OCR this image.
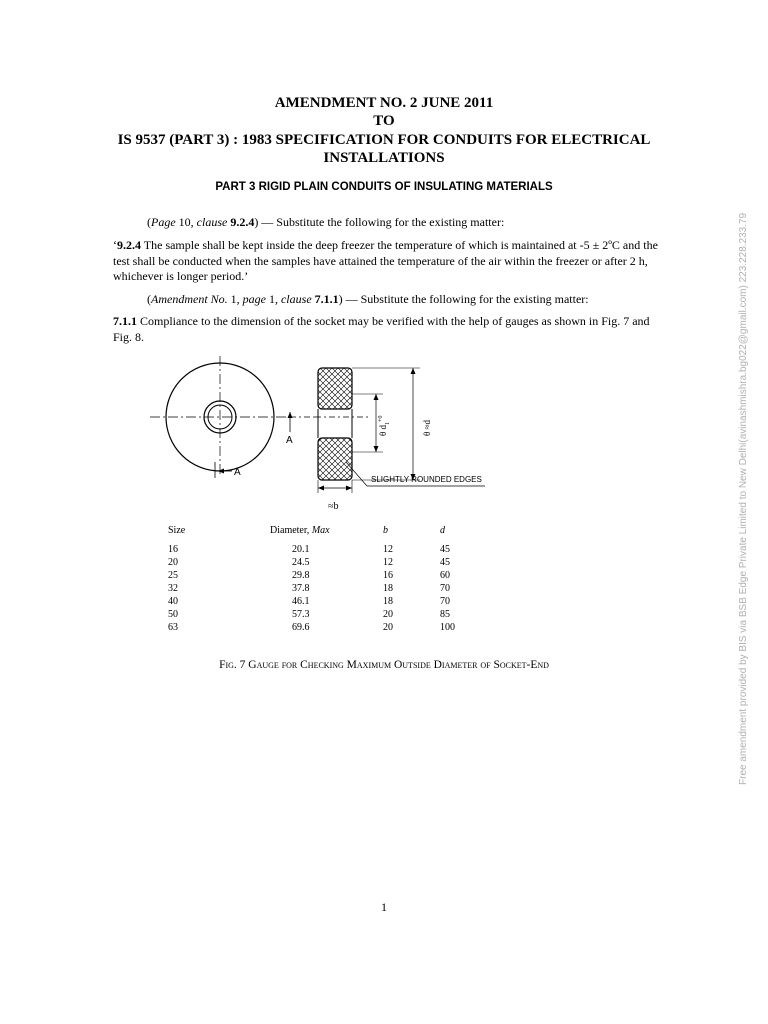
AMENDMENT NO. 2 JUNE 2011

TO

IS 9537 (PART 3) : 1983 SPECIFICATION FOR CONDUITS FOR ELECTRICAL

INSTALLATIONS

PART 3 RIGID PLAIN CONDUITS OF INSULATING MATERIALS

(Page 10, clause 9.2.4) — Substitute the following for the existing matter:

‘9.2.4 The sample shall be kept inside the deep freezer the temperature of which is maintained at -5 ± 2ºC and the test shall be conducted when the samples have attained the temperature of the air within the freezer or after 2 h, whichever is longer period.’

(Amendment No. 1, page 1, clause 7.1.1) — Substitute the following for the existing matter:

7.1.1 Compliance to the dimension of the socket may be verified with the help of gauges as shown in Fig. 7 and Fig. 8.

A
A
SLIGHTLY ROUNDED EDGES
≈b
θ $d_1^{+0}$
θ ≈d
Size	Diameter, Max	b	d
16	20.1	12	45
20	24.5	12	45
25	29.8	16	60
32	37.8	18	70
40	46.1	18	70
50	57.3	20	85
63	69.6	20	100

Fig. 7 Gauge for Checking Maximum Outside Diameter of Socket-End

1

Free amendment provided by BIS via BSB Edge Private Limited to New Delhi(avinashmishra.bg022@gmail.com) 223.228.233.79
